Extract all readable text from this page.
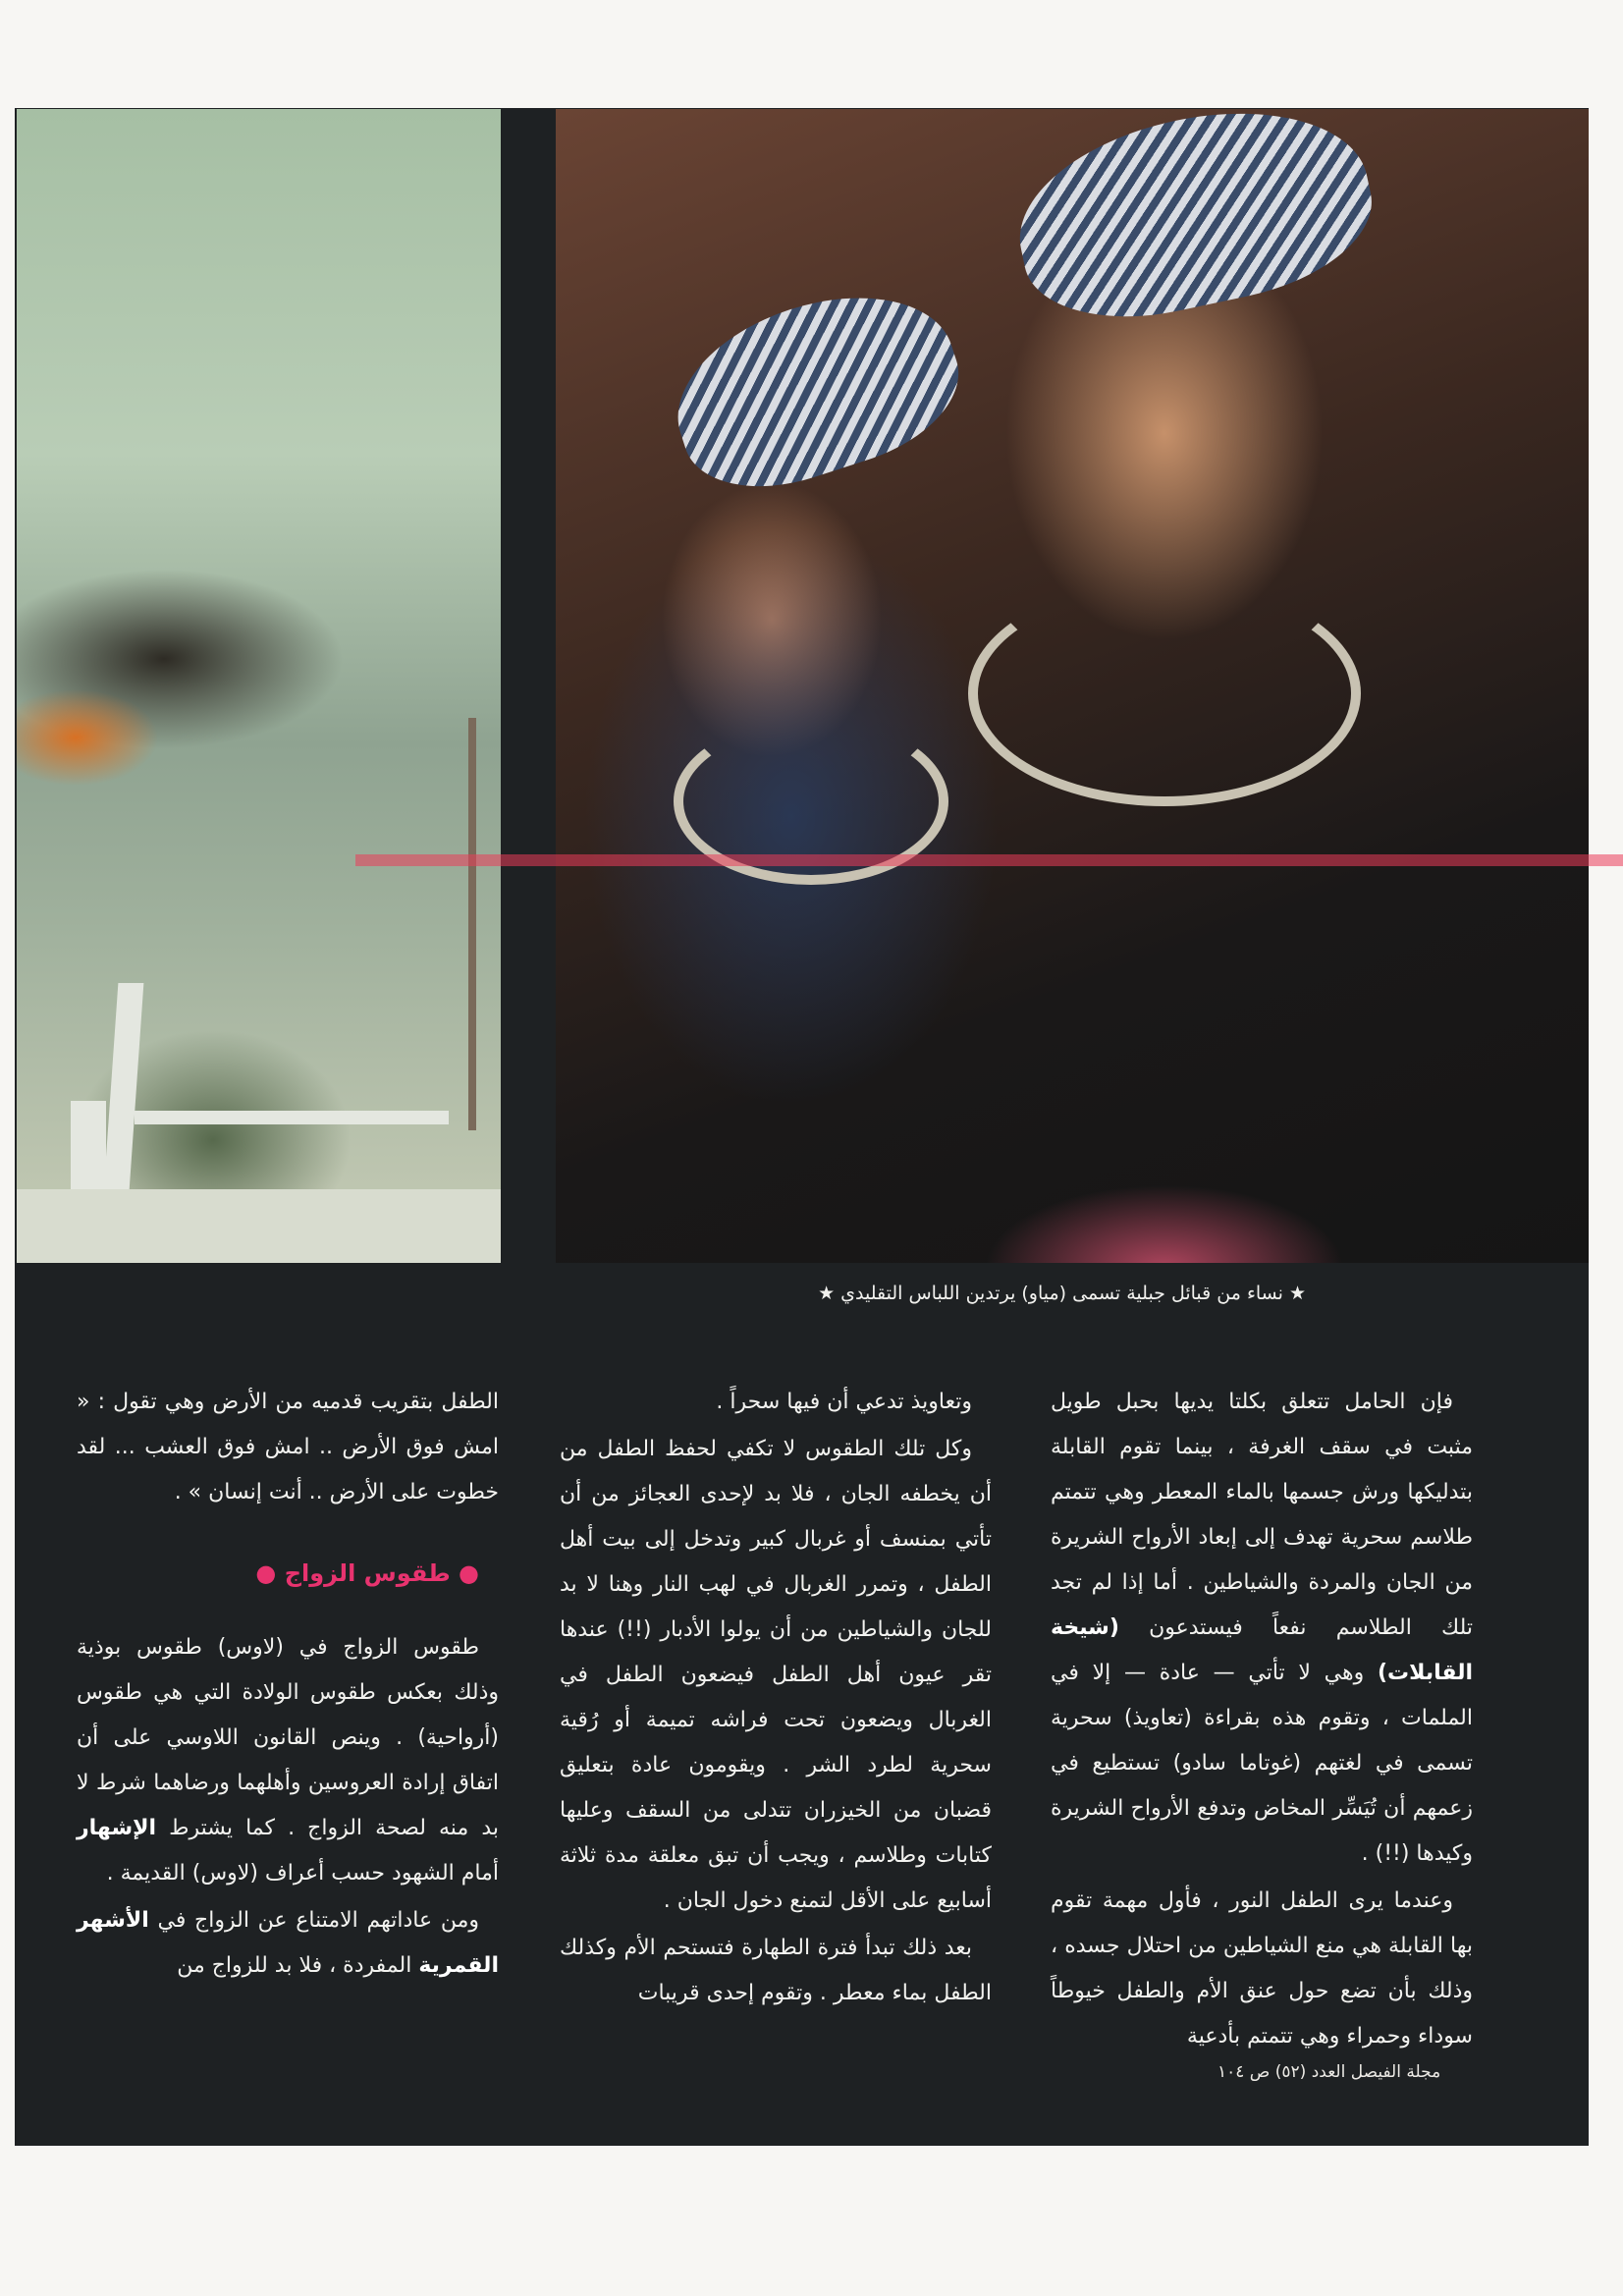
★ نساء من قبائل جبلية تسمى (مياو) يرتدين اللباس التقليدي ★

فإن الحامل تتعلق بكلتا يديها بحبل طويل مثبت في سقف الغرفة ، بينما تقوم القابلة بتدليكها ورش جسمها بالماء المعطر وهي تتمتم طلاسم سحرية تهدف إلى إبعاد الأرواح الشريرة من الجان والمردة والشياطين . أما إذا لم تجد تلك الطلاسم نفعاً فيستدعون (شيخة القابلات) وهي لا تأتي — عادة — إلا في الملمات ، وتقوم هذه بقراءة (تعاويذ) سحرية تسمى في لغتهم (غوتاما سادو) تستطيع في زعمهم أن تُيَسِّر المخاض وتدفع الأرواح الشريرة وكيدها (!!) .

وعندما يرى الطفل النور ، فأول مهمة تقوم بها القابلة هي منع الشياطين من احتلال جسده ، وذلك بأن تضع حول عنق الأم والطفل خيوطاً سوداء وحمراء وهي تتمتم بأدعية

وتعاويذ تدعي أن فيها سحراً .

وكل تلك الطقوس لا تكفي لحفظ الطفل من أن يخطفه الجان ، فلا بد لإحدى العجائز من أن تأتي بمنسف أو غربال كبير وتدخل إلى بيت أهل الطفل ، وتمرر الغربال في لهب النار وهنا لا بد للجان والشياطين من أن يولوا الأدبار (!!) عندها تقر عيون أهل الطفل فيضعون الطفل في الغربال ويضعون تحت فراشه تميمة أو رُقية سحرية لطرد الشر . ويقومون عادة بتعليق قضبان من الخيزران تتدلى من السقف وعليها كتابات وطلاسم ، ويجب أن تبق معلقة مدة ثلاثة أسابيع على الأقل لتمنع دخول الجان .

بعد ذلك تبدأ فترة الطهارة فتستحم الأم وكذلك الطفل بماء معطر . وتقوم إحدى قريبات

الطفل بتقريب قدميه من الأرض وهي تقول : « امش فوق الأرض .. امش فوق العشب ... لقد خطوت على الأرض .. أنت إنسان » .

● طقوس الزواج ●

طقوس الزواج في (لاوس) طقوس بوذية وذلك بعكس طقوس الولادة التي هي طقوس (أرواحية) . وينص القانون اللاوسي على أن اتفاق إرادة العروسين وأهلهما ورضاهما شرط لا بد منه لصحة الزواج . كما يشترط الإشهار أمام الشهود حسب أعراف (لاوس) القديمة .

ومن عاداتهم الامتناع عن الزواج في الأشهر القمرية المفردة ، فلا بد للزواج من

مجلة الفيصل العدد (٥٢) ص ١٠٤
